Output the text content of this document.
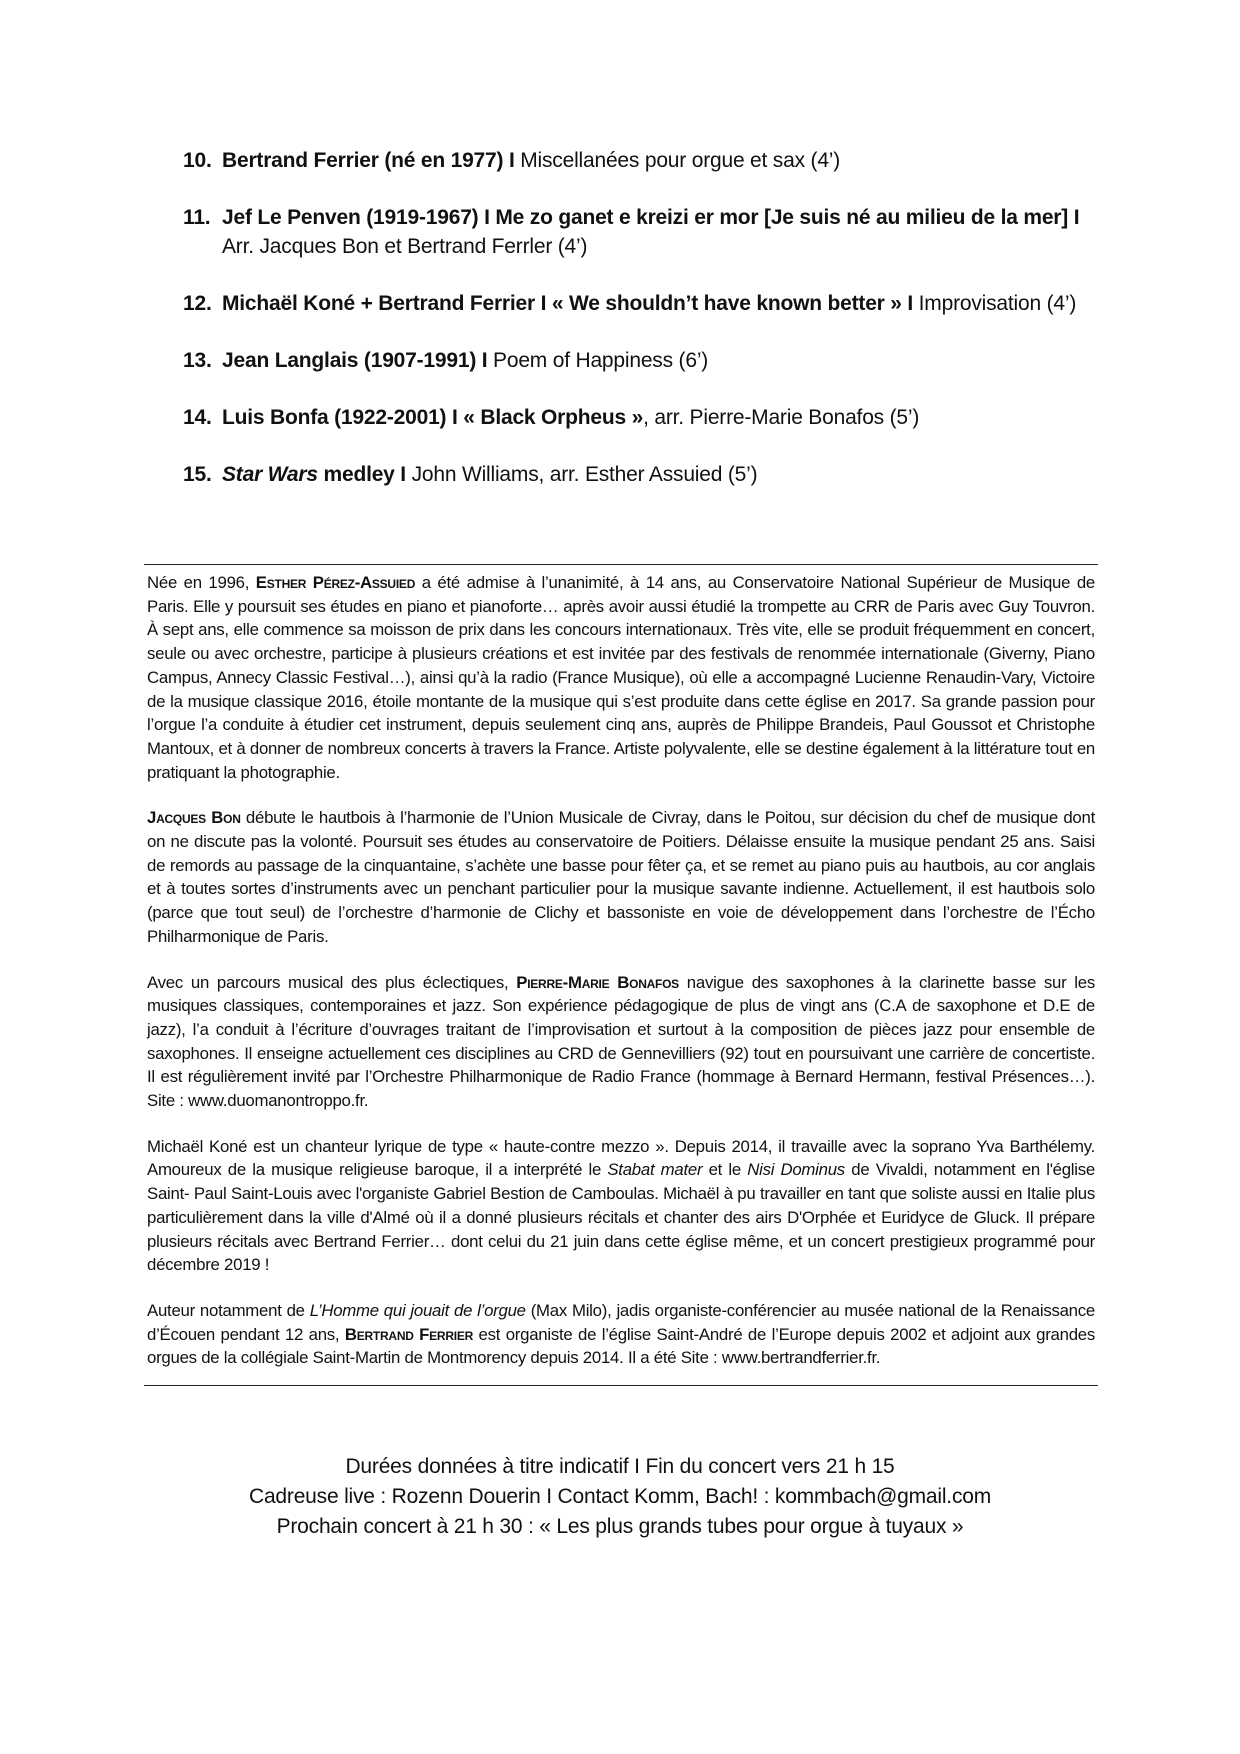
10. Bertrand Ferrier (né en 1977) I Miscellanées pour orgue et sax (4’)
11. Jef Le Penven (1919-1967) I Me zo ganet e kreizi er mor [Je suis né au milieu de la mer] I
Arr. Jacques Bon et Bertrand Ferrler (4’)
12. Michaël Koné + Bertrand Ferrier I « We shouldn’t have known better » I Improvisation (4’)
13. Jean Langlais (1907-1991) I Poem of Happiness (6’)
14. Luis Bonfa (1922-2001) I « Black Orpheus », arr. Pierre-Marie Bonafos (5’)
15. Star Wars medley I John Williams, arr. Esther Assuied (5’)

Née en 1996, Esther Pérez-Assuied a été admise à l’unanimité, à 14 ans, au Conservatoire National Supérieur de Musique de Paris. Elle y poursuit ses études en piano et pianoforte… après avoir aussi étudié la trompette au CRR de Paris avec Guy Touvron. À sept ans, elle commence sa moisson de prix dans les concours internationaux. Très vite, elle se produit fréquemment en concert, seule ou avec orchestre, participe à plusieurs créations et est invitée par des festivals de renommée internationale (Giverny, Piano Campus, Annecy Classic Festival…), ainsi qu’à la radio (France Musique), où elle a accompagné Lucienne Renaudin-Vary, Victoire de la musique classique 2016, étoile montante de la musique qui s’est produite dans cette église en 2017. Sa grande passion pour l’orgue l’a conduite à étudier cet instrument, depuis seulement cinq ans, auprès de Philippe Brandeis, Paul Goussot et Christophe Mantoux, et à donner de nombreux concerts à travers la France. Artiste polyvalente, elle se destine également à la littérature tout en pratiquant la photographie.

Jacques Bon débute le hautbois à l’harmonie de l’Union Musicale de Civray, dans le Poitou, sur décision du chef de musique dont on ne discute pas la volonté. Poursuit ses études au conservatoire de Poitiers. Délaisse ensuite la musique pendant 25 ans. Saisi de remords au passage de la cinquantaine, s’achète une basse pour fêter ça, et se remet au piano puis au hautbois, au cor anglais et à toutes sortes d’instruments avec un penchant particulier pour la musique savante indienne. Actuellement, il est hautbois solo (parce que tout seul) de l’orchestre d’harmonie de Clichy et bassoniste en voie de développement dans l’orchestre de l’Écho Philharmonique de Paris.

Avec un parcours musical des plus éclectiques, Pierre-Marie Bonafos navigue des saxophones à la clarinette basse sur les musiques classiques, contemporaines et jazz. Son expérience pédagogique de plus de vingt ans (C.A de saxophone et D.E de jazz), l’a conduit à l’écriture d’ouvrages traitant de l’improvisation et surtout à la composition de pièces jazz pour ensemble de saxophones. Il enseigne actuellement ces disciplines au CRD de Gennevilliers (92) tout en poursuivant une carrière de concertiste. Il est régulièrement invité par l’Orchestre Philharmonique de Radio France (hommage à Bernard Hermann, festival Présences…). Site : www.duomanontroppo.fr.

Michaël Koné est un chanteur lyrique de type « haute-contre mezzo ». Depuis 2014, il travaille avec la soprano Yva Barthélemy. Amoureux de la musique religieuse baroque, il a interprété le Stabat mater et le Nisi Dominus de Vivaldi, notamment en l'église Saint- Paul Saint-Louis avec l'organiste Gabriel Bestion de Camboulas. Michaël à pu travailler en tant que soliste aussi en Italie plus particulièrement dans la ville d'Almé où il a donné plusieurs récitals et chanter des airs D'Orphée et Euridyce de Gluck. Il prépare plusieurs récitals avec Bertrand Ferrier… dont celui du 21 juin dans cette église même, et un concert prestigieux programmé pour décembre 2019 !

Auteur notamment de L’Homme qui jouait de l’orgue (Max Milo), jadis organiste-conférencier au musée national de la Renaissance d’Écouen pendant 12 ans, Bertrand Ferrier est organiste de l’église Saint-André de l’Europe depuis 2002 et adjoint aux grandes orgues de la collégiale Saint-Martin de Montmorency depuis 2014. Il a été Site : www.bertrandferrier.fr.

Durées données à titre indicatif I Fin du concert vers 21 h 15
Cadreuse live : Rozenn Douerin I Contact Komm, Bach! : kommbach@gmail.com
Prochain concert à 21 h 30 : « Les plus grands tubes pour orgue à tuyaux »
